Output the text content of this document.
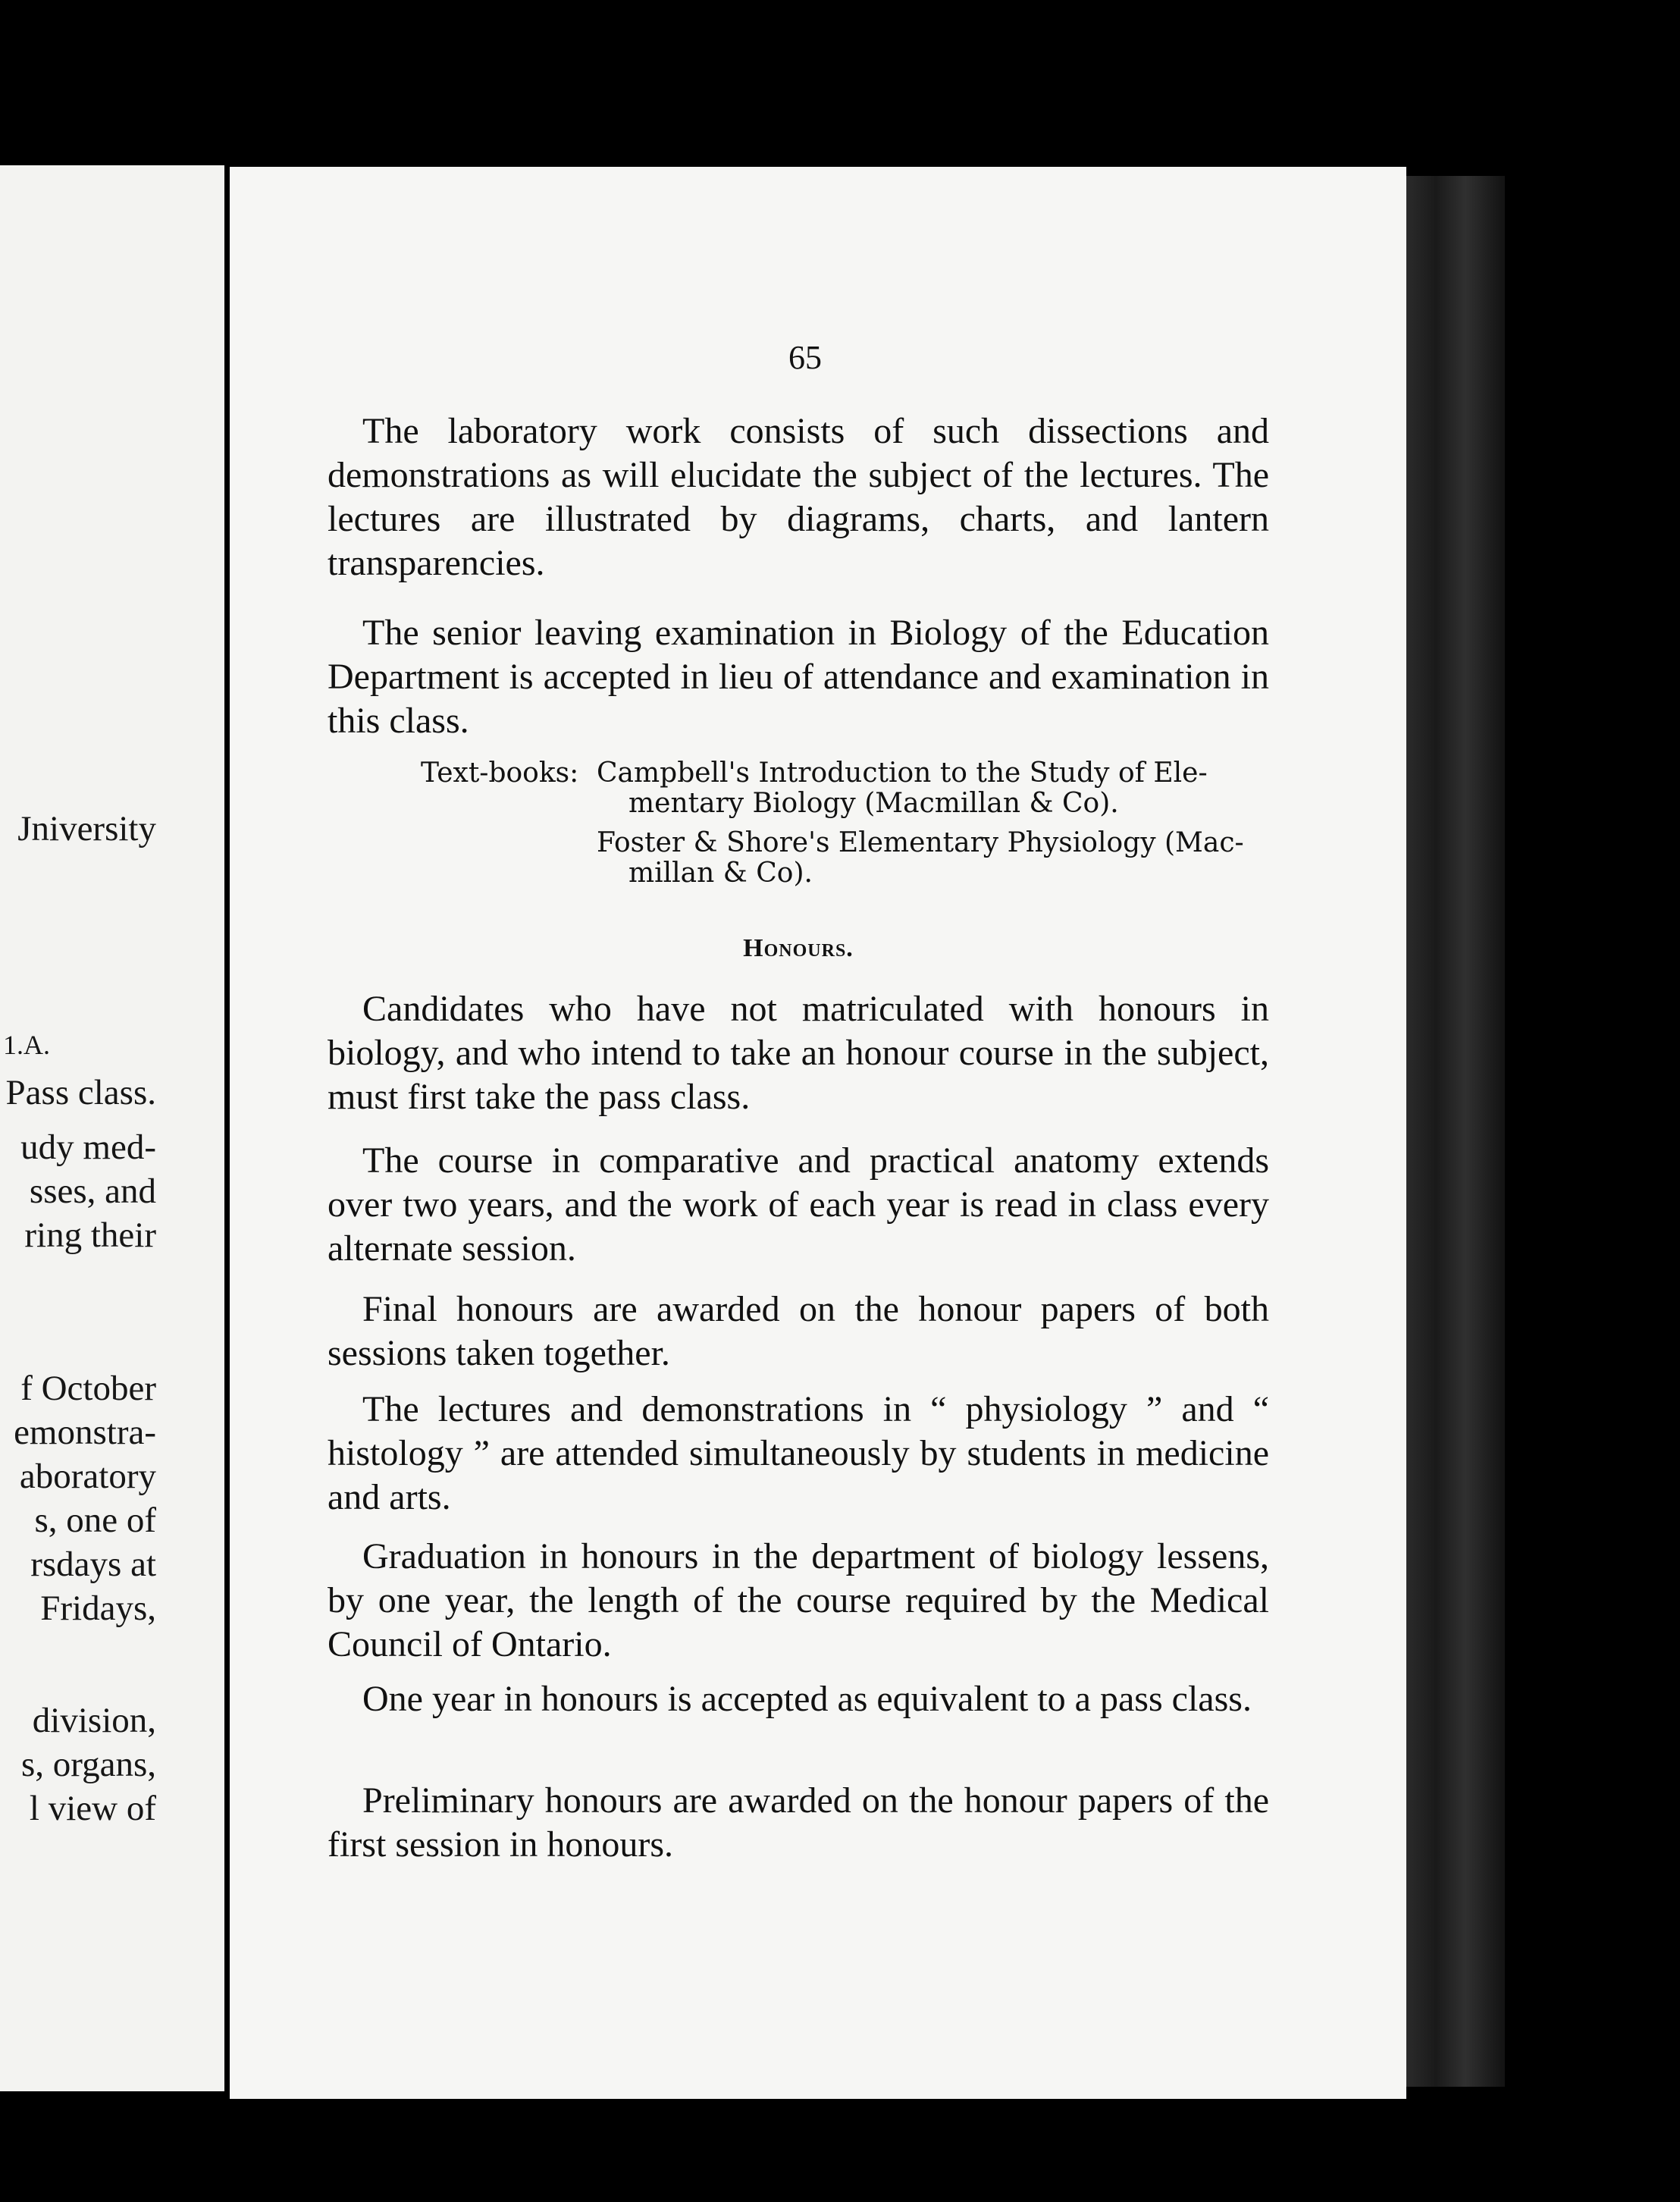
Jniversity
1.A.
Pass class.
udy med-
sses, and
ring their
f October
emonstra-
aboratory
s, one of
rsdays at
Fridays,
division,
s, organs,
l view of
65

The laboratory work consists of such dissections and demonstrations as will elucidate the subject of the lectures. The lectures are illustrated by diagrams, charts, and lantern transparencies.

The senior leaving examination in Biology of the Education Department is accepted in lieu of attendance and examination in this class.

Text-books: Campbell's Introduction to the Study of Ele-
mentary Biology (Macmillan & Co).
Foster & Shore's Elementary Physiology (Mac-
millan & Co).
Honours.

Candidates who have not matriculated with honours in biology, and who intend to take an honour course in the subject, must first take the pass class.

The course in comparative and practical anatomy extends over two years, and the work of each year is read in class every alternate session.

Final honours are awarded on the honour papers of both sessions taken together.

The lectures and demonstrations in “ physiology ” and “ histology ” are attended simultaneously by students in medicine and arts.

Graduation in honours in the department of biology lessens, by one year, the length of the course required by the Medical Council of Ontario.

One year in honours is accepted as equivalent to a pass class.

Preliminary honours are awarded on the honour papers of the first session in honours.
